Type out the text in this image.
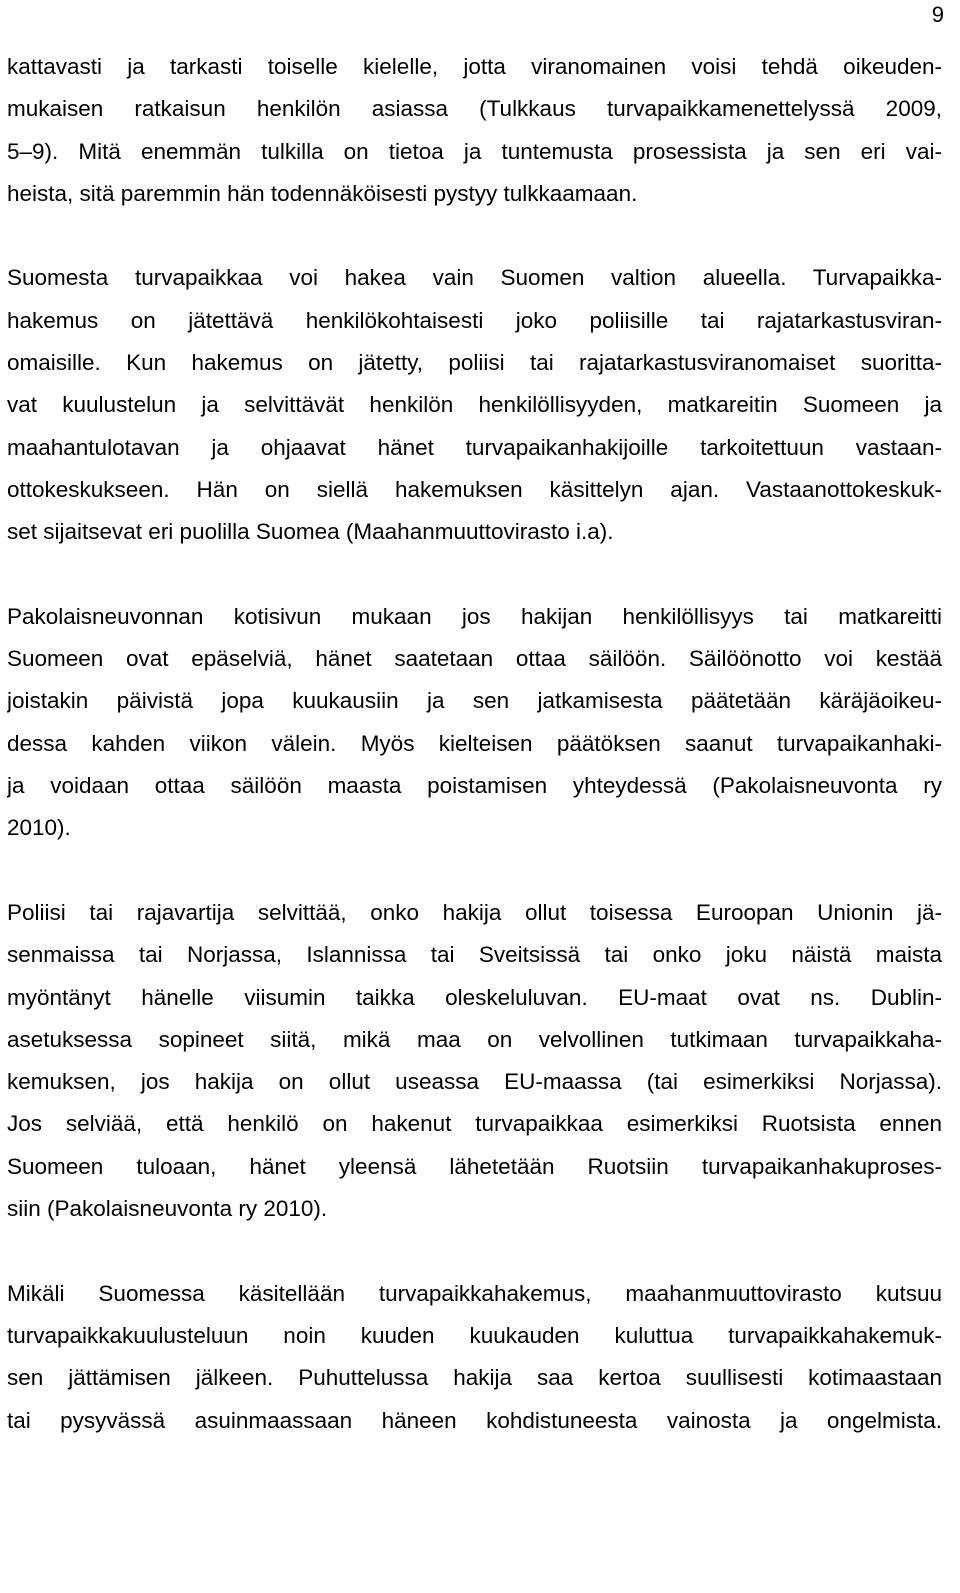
9
kattavasti ja tarkasti toiselle kielelle, jotta viranomainen voisi tehdä oikeuden-
mukaisen ratkaisun henkilön asiassa (Tulkkaus turvapaikkamenettelyssä 2009,
5–9). Mitä enemmän tulkilla on tietoa ja tuntemusta prosessista ja sen eri vai-
heista, sitä paremmin hän todennäköisesti pystyy tulkkaamaan.
Suomesta turvapaikkaa voi hakea vain Suomen valtion alueella. Turvapaikka-
hakemus on jätettävä henkilökohtaisesti joko poliisille tai rajatarkastusviran-
omaisille. Kun hakemus on jätetty, poliisi tai rajatarkastusviranomaiset suoritta-
vat kuulustelun ja selvittävät henkilön henkilöllisyyden, matkareitin Suomeen ja
maahantulotavan ja ohjaavat hänet turvapaikanhakijoille tarkoitettuun vastaan-
ottokeskukseen. Hän on siellä hakemuksen käsittelyn ajan. Vastaanottokeskuk-
set sijaitsevat eri puolilla Suomea (Maahanmuuttovirasto i.a).
Pakolaisneuvonnan kotisivun mukaan jos hakijan henkilöllisyys tai matkareitti
Suomeen ovat epäselviä, hänet saatetaan ottaa säilöön. Säilöönotto voi kestää
joistakin päivistä jopa kuukausiin ja sen jatkamisesta päätetään käräjäoikeu-
dessa kahden viikon välein. Myös kielteisen päätöksen saanut turvapaikanhaki-
ja voidaan ottaa säilöön maasta poistamisen yhteydessä (Pakolaisneuvonta ry
2010).
Poliisi tai rajavartija selvittää, onko hakija ollut toisessa Euroopan Unionin jä-
senmaissa tai Norjassa, Islannissa tai Sveitsissä tai onko joku näistä maista
myöntänyt hänelle viisumin taikka oleskeluluvan. EU-maat ovat ns. Dublin-
asetuksessa sopineet siitä, mikä maa on velvollinen tutkimaan turvapaikkaha-
kemuksen, jos hakija on ollut useassa EU-maassa (tai esimerkiksi Norjassa).
Jos selviää, että henkilö on hakenut turvapaikkaa esimerkiksi Ruotsista ennen
Suomeen tuloaan, hänet yleensä lähetetään Ruotsiin turvapaikanhakuproses-
siin (Pakolaisneuvonta ry 2010).
Mikäli Suomessa käsitellään turvapaikkahakemus, maahanmuuttovirasto kutsuu
turvapaikkakuulusteluun noin kuuden kuukauden kuluttua turvapaikkahakemuk-
sen jättämisen jälkeen. Puhuttelussa hakija saa kertoa suullisesti kotimaastaan
tai pysyvässä asuinmaassaan häneen kohdistuneesta vainosta ja ongelmista.
